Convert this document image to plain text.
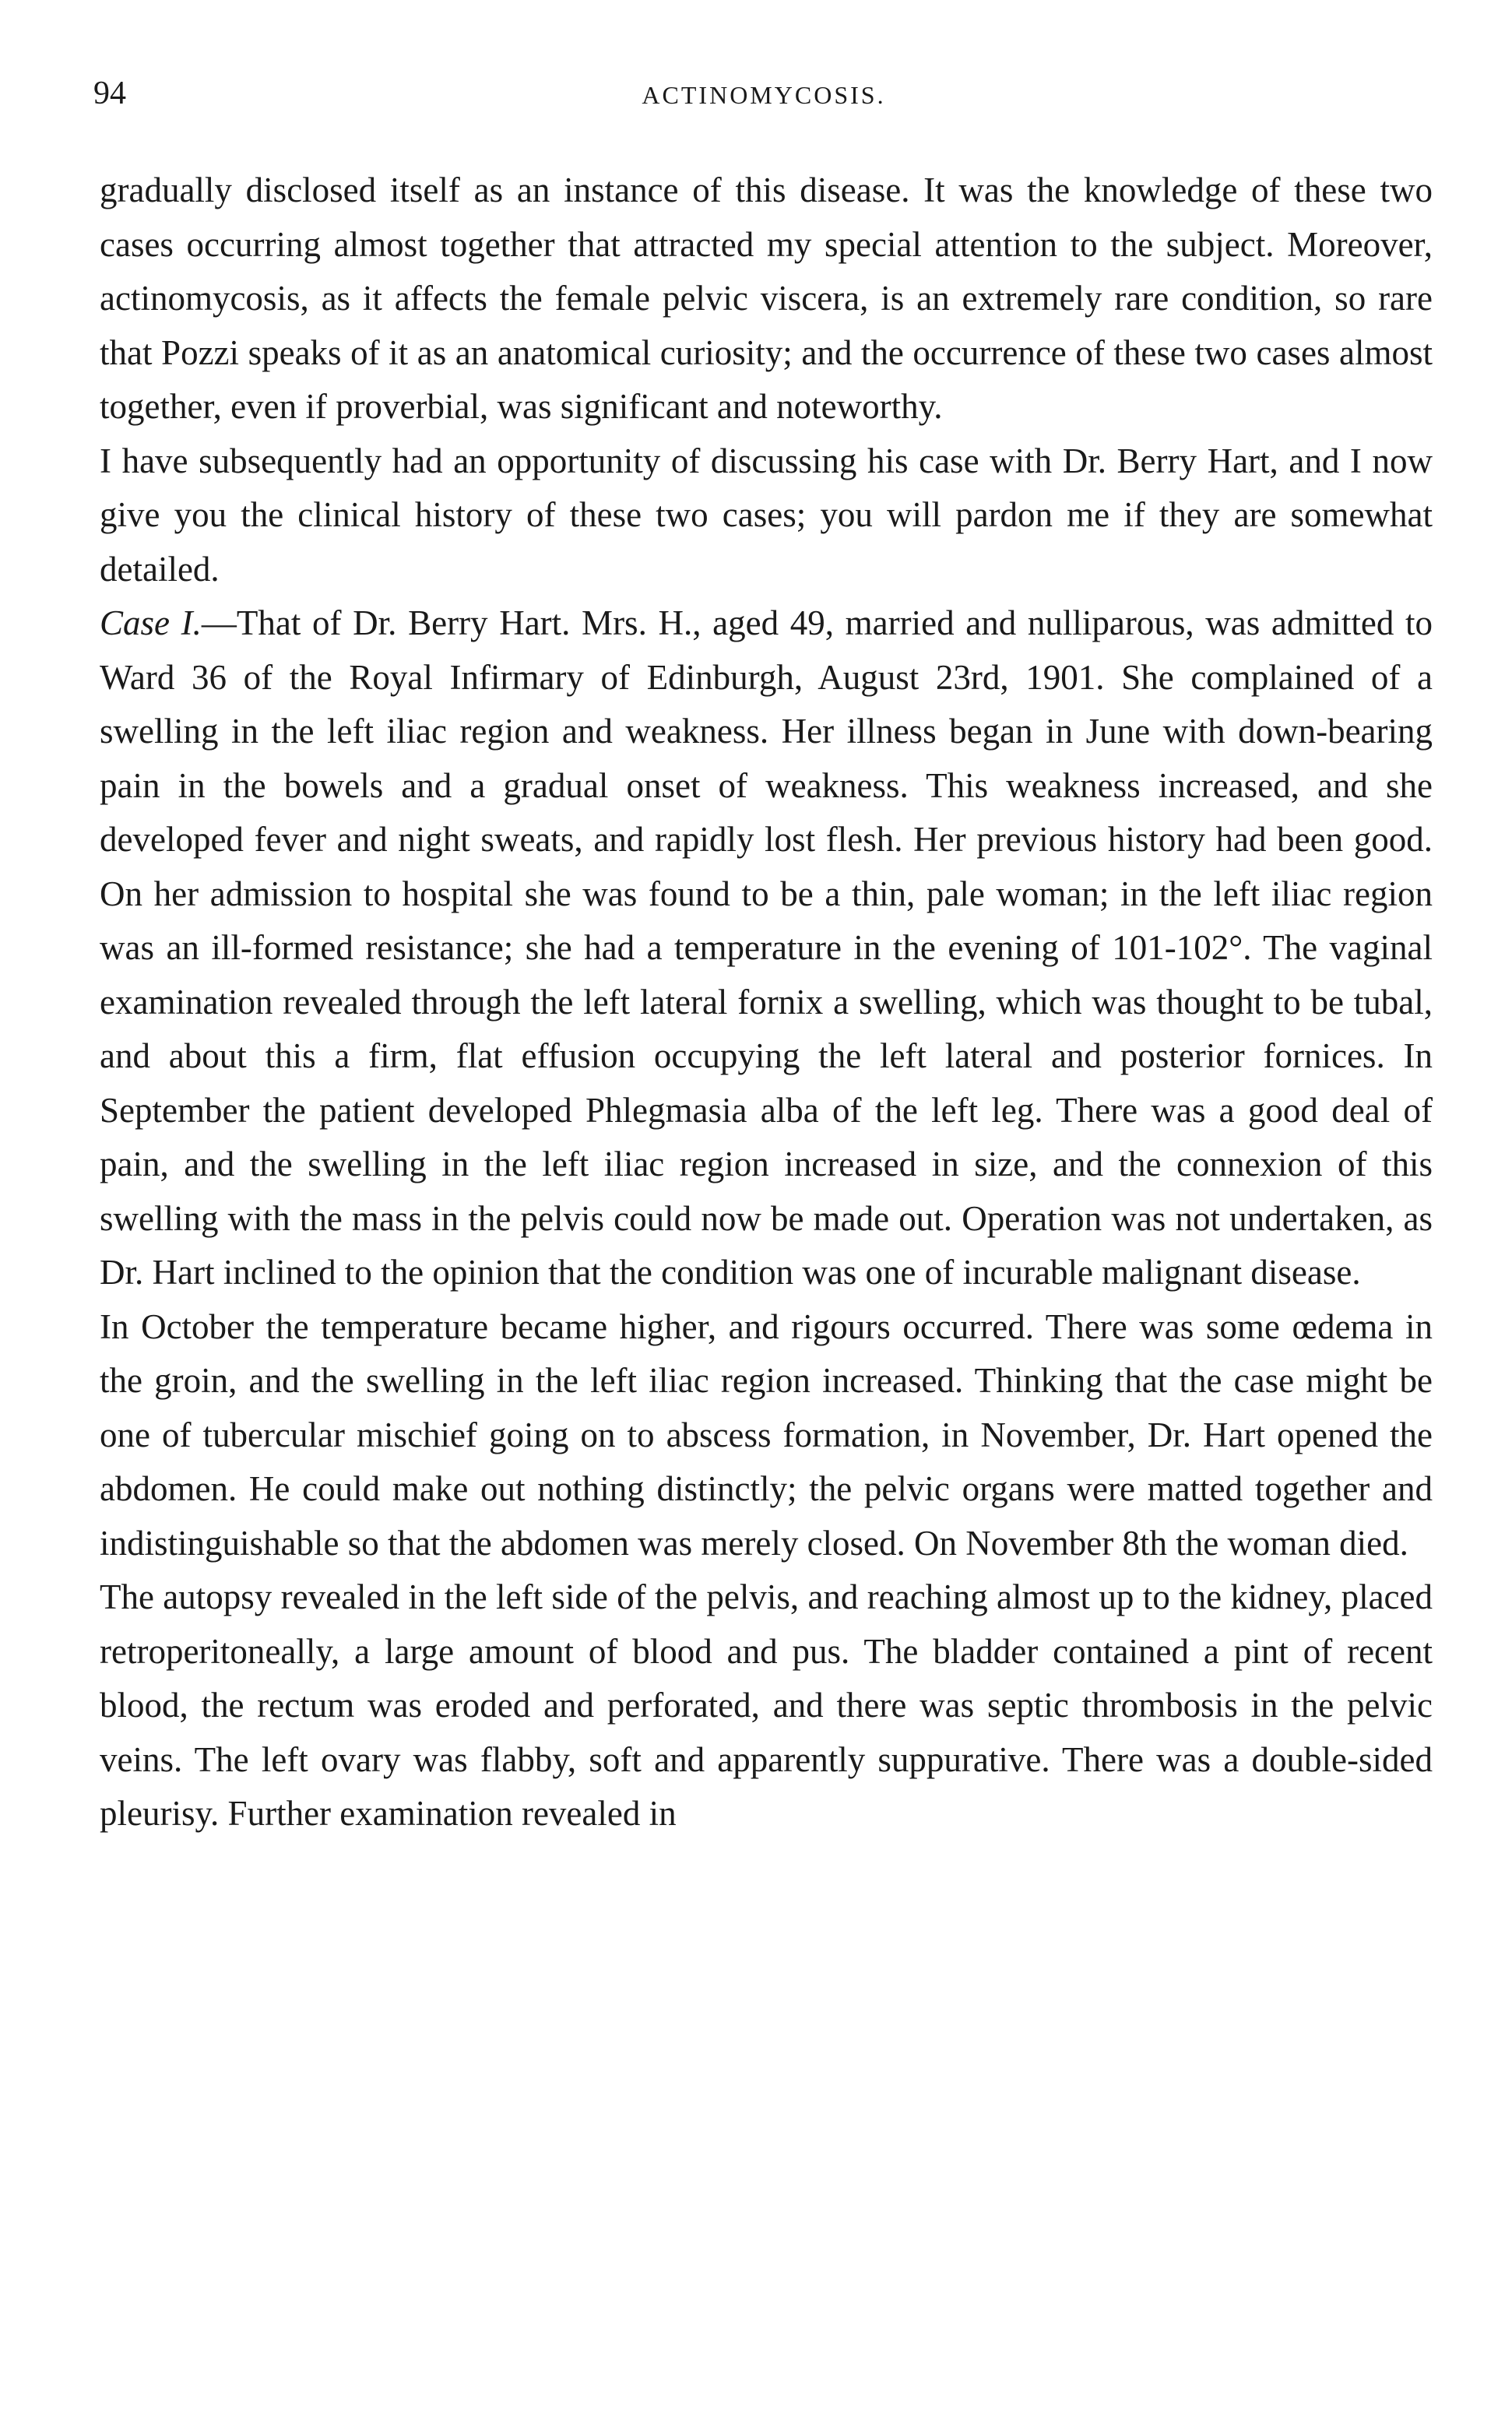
94	ACTINOMYCOSIS.

gradually disclosed itself as an instance of this disease. It was the knowledge of these two cases occurring almost together that attracted my special attention to the subject. Moreover, actinomycosis, as it affects the female pelvic viscera, is an extremely rare condition, so rare that Pozzi speaks of it as an anatomical curiosity; and the occurrence of these two cases almost together, even if proverbial, was significant and noteworthy.

I have subsequently had an opportunity of discussing his case with Dr. Berry Hart, and I now give you the clinical history of these two cases; you will pardon me if they are somewhat detailed.

Case I.—That of Dr. Berry Hart. Mrs. H., aged 49, married and nulliparous, was admitted to Ward 36 of the Royal Infirmary of Edinburgh, August 23rd, 1901. She complained of a swelling in the left iliac region and weakness. Her illness began in June with down-bearing pain in the bowels and a gradual onset of weakness. This weakness increased, and she developed fever and night sweats, and rapidly lost flesh. Her previous history had been good. On her admission to hospital she was found to be a thin, pale woman; in the left iliac region was an ill-formed resistance; she had a temperature in the evening of 101-102°. The vaginal examination revealed through the left lateral fornix a swelling, which was thought to be tubal, and about this a firm, flat effusion occupying the left lateral and posterior fornices. In September the patient developed Phlegmasia alba of the left leg. There was a good deal of pain, and the swelling in the left iliac region increased in size, and the connexion of this swelling with the mass in the pelvis could now be made out. Operation was not undertaken, as Dr. Hart inclined to the opinion that the condition was one of incurable malignant disease.

In October the temperature became higher, and rigours occurred. There was some œdema in the groin, and the swelling in the left iliac region increased. Thinking that the case might be one of tubercular mischief going on to abscess formation, in November, Dr. Hart opened the abdomen. He could make out nothing distinctly; the pelvic organs were matted together and indistinguishable so that the abdomen was merely closed. On November 8th the woman died.

The autopsy revealed in the left side of the pelvis, and reaching almost up to the kidney, placed retroperitoneally, a large amount of blood and pus. The bladder contained a pint of recent blood, the rectum was eroded and perforated, and there was septic thrombosis in the pelvic veins. The left ovary was flabby, soft and apparently suppurative. There was a double-sided pleurisy. Further examination revealed in
